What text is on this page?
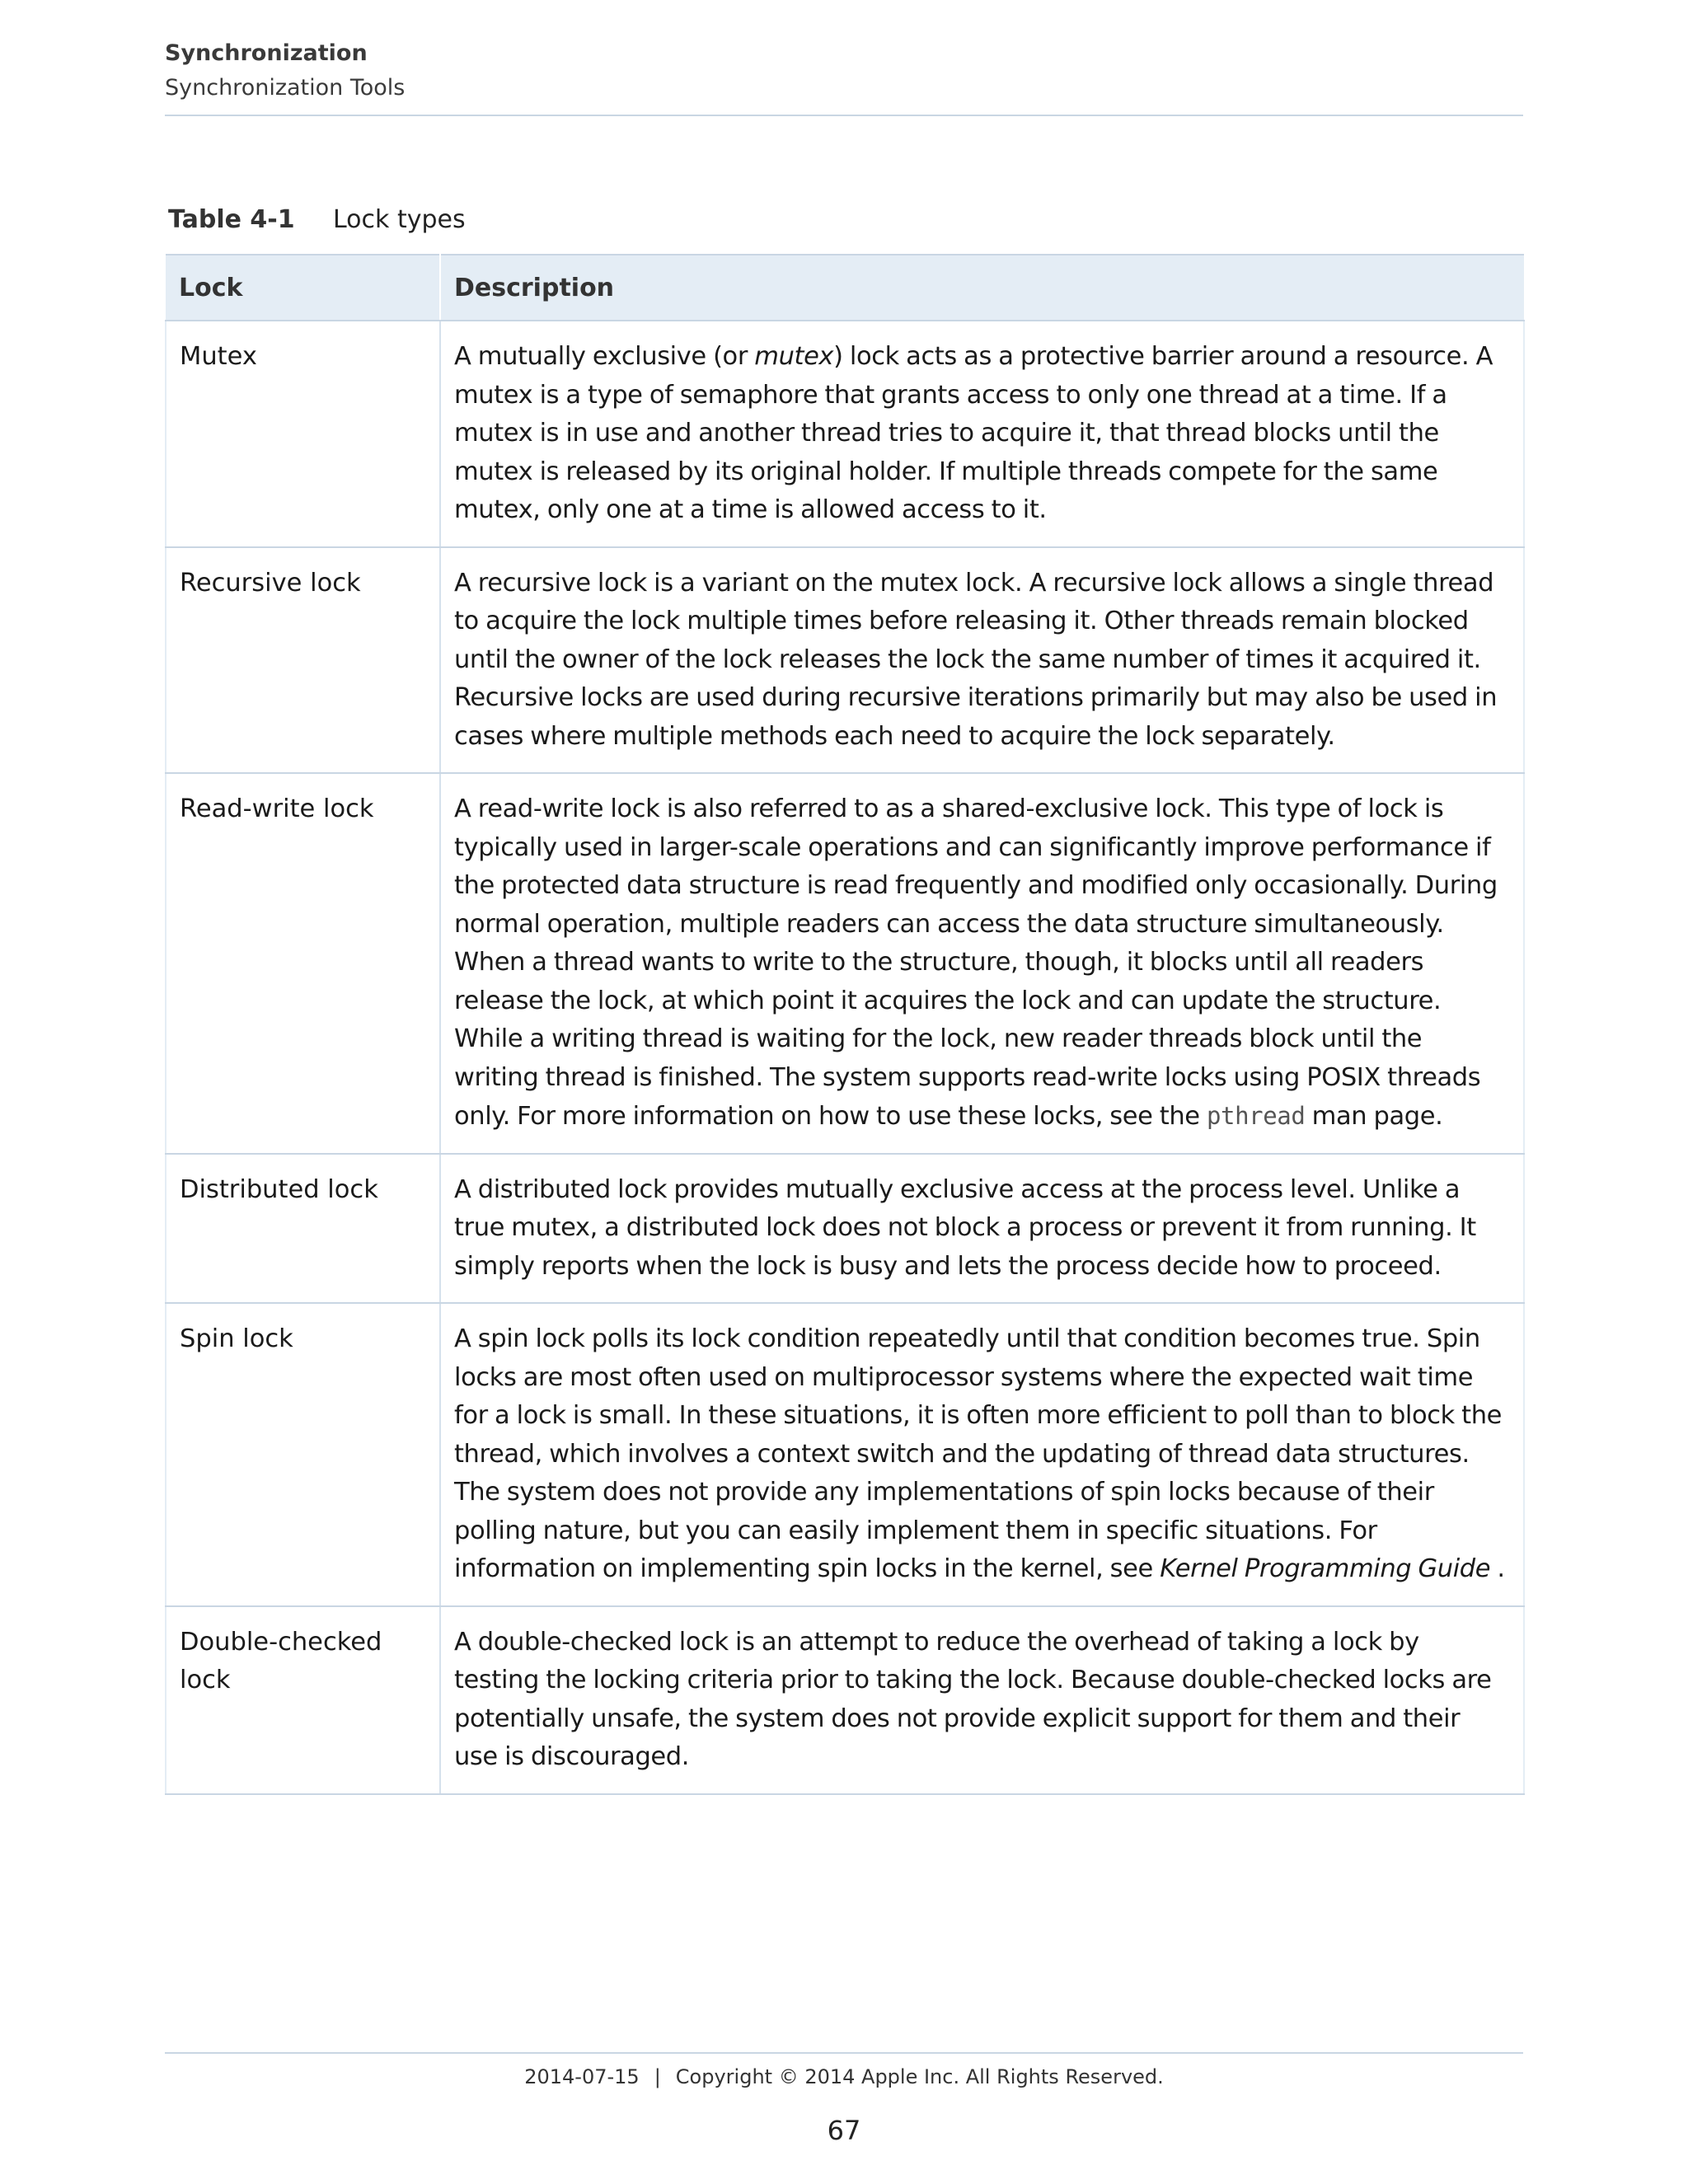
Synchronization
Synchronization Tools
Table 4-1 Lock types
Lock	Description
Mutex	A mutually exclusive (or mutex) lock acts as a protective barrier around a resource. A mutex is a type of semaphore that grants access to only one thread at a time. If a mutex is in use and another thread tries to acquire it, that thread blocks until the mutex is released by its original holder. If multiple threads compete for the same mutex, only one at a time is allowed access to it.
Recursive lock	A recursive lock is a variant on the mutex lock. A recursive lock allows a single thread to acquire the lock multiple times before releasing it. Other threads remain blocked until the owner of the lock releases the lock the same number of times it acquired it. Recursive locks are used during recursive iterations primarily but may also be used in cases where multiple methods each need to acquire the lock separately.
Read-write lock	A read-write lock is also referred to as a shared-exclusive lock. This type of lock is typically used in larger-scale operations and can significantly improve performance if the protected data structure is read frequently and modified only occasionally. During normal operation, multiple readers can access the data structure simultaneously. When a thread wants to write to the structure, though, it blocks until all readers release the lock, at which point it acquires the lock and can update the structure. While a writing thread is waiting for the lock, new reader threads block until the writing thread is finished. The system supports read-write locks using POSIX threads only. For more information on how to use these locks, see the pthread man page.
Distributed lock	A distributed lock provides mutually exclusive access at the process level. Unlike a true mutex, a distributed lock does not block a process or prevent it from running. It simply reports when the lock is busy and lets the process decide how to proceed.
Spin lock	A spin lock polls its lock condition repeatedly until that condition becomes true. Spin locks are most often used on multiprocessor systems where the expected wait time for a lock is small. In these situations, it is often more efficient to poll than to block the thread, which involves a context switch and the updating of thread data structures. The system does not provide any implementations of spin locks because of their polling nature, but you can easily implement them in specific situations. For information on implementing spin locks in the kernel, see Kernel Programming Guide .
Double-checked lock	A double-checked lock is an attempt to reduce the overhead of taking a lock by testing the locking criteria prior to taking the lock. Because double-checked locks are potentially unsafe, the system does not provide explicit support for them and their use is discouraged.
2014-07-15 | Copyright © 2014 Apple Inc. All Rights Reserved.
67
